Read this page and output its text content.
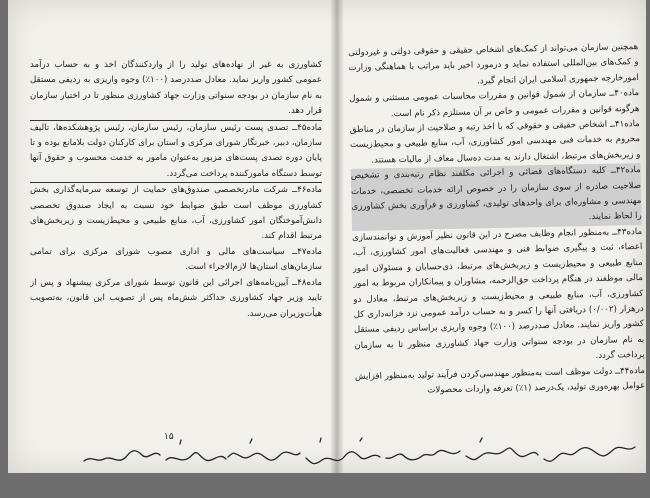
کشاورزی به غیر از نهاده‌های تولید را از واردکنندگان اخذ و به حساب درآمد عمومی کشور واریز نماید. معادل صددرصد (۱۰۰٪) وجوه واریزی به ردیفی مستقل به نام سازمان در بودجه سنواتی وزارت جهاد کشاورزی منظور تا در اختیار سازمان قرار دهد.

ماده۴۵ــ تصدی پست رئیس سازمان، رئیس سازمان، رئیس پژوهشکده‌ها، تالیف سازمان، دبیر، خبرنگار شورای مرکزی و استان برای کارکنان دولت بلامانع بوده و تا پایان دوره تصدی پست‌های مزبور به‌عنوان مامور به خدمت محسوب و حقوق آنها توسط دستگاه مامورکننده پرداخت می‌گردد.

ماده۴۶ــ شرکت مادرتخصصی صندوق‌های حمایت از توسعه سرمایه‌گذاری بخش کشاورزی موظف است طبق ضوابط خود نسبت به ایجاد صندوق تخصصی دانش‌آموختگان امور کشاورزی، آب، منابع طبیعی و محیط‌زیست و زیربخش‌های مرتبط اقدام کند.

ماده۴۷ــ سیاست‌های مالی و اداری مصوب شورای مرکزی برای تمامی سازمان‌های استان‌ها لازم‌الاجراء است.

ماده۴۸ــ آیین‌نامه‌های اجرائی این قانون توسط شورای مرکزی پیشنهاد و پس از تایید وزیر جهاد کشاورزی حداکثر شش‌ماه پس از تصویب این قانون، به‌تصویب هیأت‌وزیران می‌رسد.

۱۵

همچنین سازمان می‌تواند از کمک‌های اشخاص حقیقی و حقوقی دولتی و غیردولتی و کمک‌های بین‌المللی استفاده نماید و درمورد اخیر باید مراتب با هماهنگی وزارت امورخارجه جمهوری اسلامی ایران انجام گیرد.

ماده۴۰ــ سازمان از شمول قوانین و مقررات محاسبات عمومی مستثنی و شمول هرگونه قوانین و مقررات عمومی و خاص بر آن مستلزم ذکر نام است.

ماده۴۱ــ اشخاص حقیقی و حقوقی که با اخذ رتبه و صلاحیت از سازمان در مناطق محروم به خدمات فنی مهندسی امور کشاورزی، آب، منابع طبیعی و محیط‌زیست و زیربخش‌های مرتبط، اشتغال دارند به مدت ده‌سال معاف از مالیات هستند.

ماده۴۲ــ کلیه دستگاه‌های قضائی و اجرائی مکلفند نظام رتبه‌بندی و تشخیص صلاحیت صادره از سوی سازمان را در خصوص ارائه خدمات تخصصی، خدمات مهندسی و مشاوره‌ای برای واحدهای تولیدی، کشاورزی و فرآوری بخش کشاورزی را لحاظ نمایند.

ماده۴۳ــ به‌منظور انجام وظایف مصرح در این قانون نظیر آموزش و توانمندسازی اعضاء، ثبت و پیگیری ضوابط فنی و مهندسی فعالیت‌های امور کشاورزی، آب، منابع طبیعی و محیط‌زیست و زیربخش‌های مرتبط، ذی‌حسابان و مسئولان امور مالی موظفند در هنگام پرداخت حق‌الزحمه، مشاوران و پیمانکاران مربوط به امور کشاورزی، آب، منابع طبیعی و محیط‌زیست و زیربخش‌های مرتبط، معادل دو درهزار (۰/۰۰۲) دریافتی آنها را کسر و به حساب درآمد عمومی نزد خزانه‌داری کل کشور واریز نمایند. معادل صددرصد (۱۰۰٪) وجوه واریزی براساس ردیفی مستقل به نام سازمان در بودجه سنواتی وزارت جهاد کشاورزی منظور تا به سازمان پرداخت گردد.

ماده۴۴ــ دولت موظف است به‌منظور مهندسی‌کردن فرآیند تولید به‌منظور افزایش عوامل بهره‌وری تولید، یک‌درصد (۱٪) تعرفه واردات محصولات
